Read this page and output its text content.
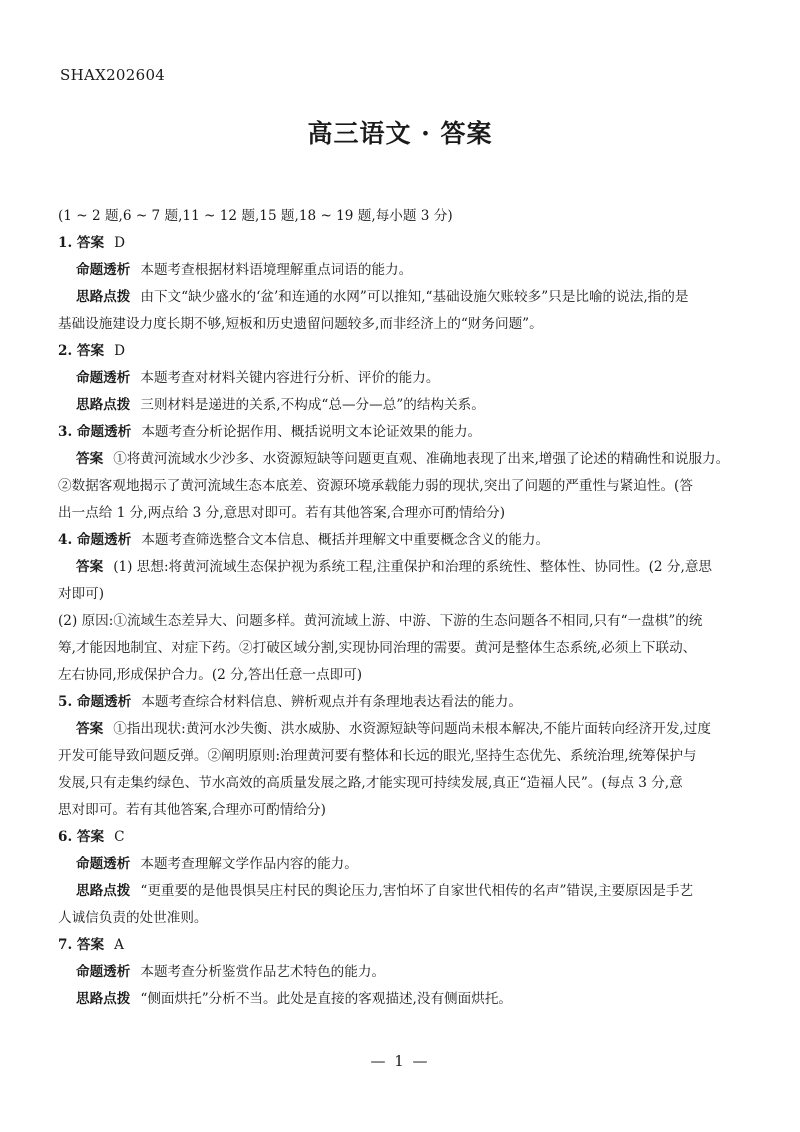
SHAX202604
高三语文 · 答案
(1 ~ 2 题,6 ~ 7 题,11 ~ 12 题,15 题,18 ~ 19 题,每小题 3 分)
1. 答案 D
命题透析 本题考查根据材料语境理解重点词语的能力。
思路点拨 由下文“缺少盛水的‘盆’和连通的水网”可以推知,“基础设施欠账较多”只是比喻的说法,指的是
基础设施建设力度长期不够,短板和历史遗留问题较多,而非经济上的“财务问题”。
2. 答案 D
命题透析 本题考查对材料关键内容进行分析、评价的能力。
思路点拨 三则材料是递进的关系,不构成“总—分—总”的结构关系。
3. 命题透析 本题考查分析论据作用、概括说明文本论证效果的能力。
答案 ①将黄河流域水少沙多、水资源短缺等问题更直观、准确地表现了出来,增强了论述的精确性和说服力。
②数据客观地揭示了黄河流域生态本底差、资源环境承载能力弱的现状,突出了问题的严重性与紧迫性。(答
出一点给 1 分,两点给 3 分,意思对即可。若有其他答案,合理亦可酌情给分)
4. 命题透析 本题考查筛选整合文本信息、概括并理解文中重要概念含义的能力。
答案 (1) 思想:将黄河流域生态保护视为系统工程,注重保护和治理的系统性、整体性、协同性。(2 分,意思
对即可)
(2) 原因:①流域生态差异大、问题多样。黄河流域上游、中游、下游的生态问题各不相同,只有“一盘棋”的统
筹,才能因地制宜、对症下药。②打破区域分割,实现协同治理的需要。黄河是整体生态系统,必须上下联动、
左右协同,形成保护合力。(2 分,答出任意一点即可)
5. 命题透析 本题考查综合材料信息、辨析观点并有条理地表达看法的能力。
答案 ①指出现状:黄河水沙失衡、洪水威胁、水资源短缺等问题尚未根本解决,不能片面转向经济开发,过度
开发可能导致问题反弹。②阐明原则:治理黄河要有整体和长远的眼光,坚持生态优先、系统治理,统筹保护与
发展,只有走集约绿色、节水高效的高质量发展之路,才能实现可持续发展,真正“造福人民”。(每点 3 分,意
思对即可。若有其他答案,合理亦可酌情给分)
6. 答案 C
命题透析 本题考查理解文学作品内容的能力。
思路点拨 “更重要的是他畏惧吴庄村民的舆论压力,害怕坏了自家世代相传的名声”错误,主要原因是手艺
人诚信负责的处世准则。
7. 答案 A
命题透析 本题考查分析鉴赏作品艺术特色的能力。
思路点拨 “侧面烘托”分析不当。此处是直接的客观描述,没有侧面烘托。
— 1 —
